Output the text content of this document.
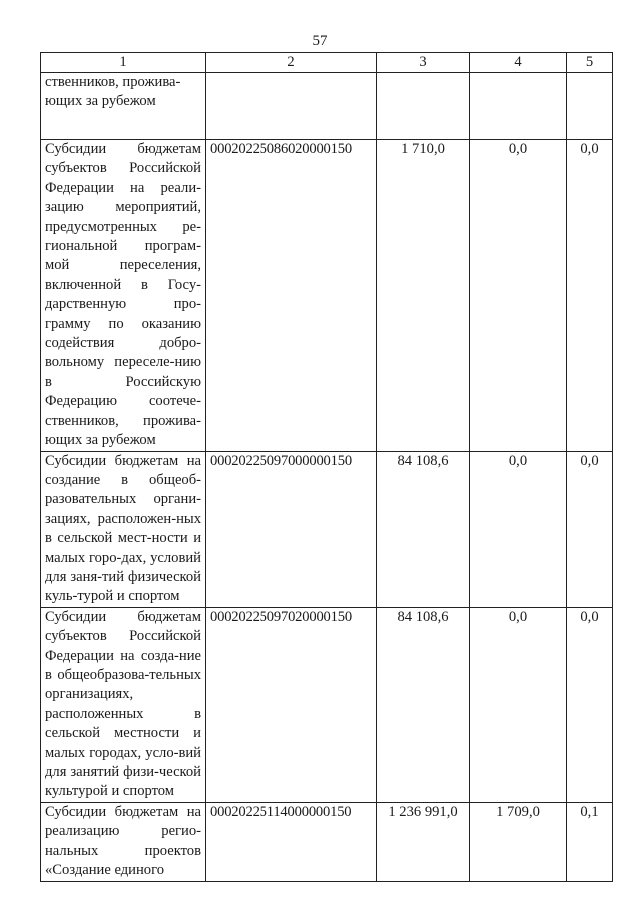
57
1	2	3	4	5
ственников, прожива-
ющих за рубежом				
Субсидии бюджетам субъектов Российской Федерации на реали-зацию мероприятий, предусмотренных ре-гиональной програм-мой переселения, включенной в Госу-дарственную про-грамму по оказанию содействия добро-вольному переселе-нию в Российскую Федерацию соотече-ственников, прожива-ющих за рубежом	00020225086020000150	1 710,0	0,0	0,0
Субсидии бюджетам на создание в общеоб-разовательных органи-зациях, расположен-ных в сельской мест-ности и малых горо-дах, условий для заня-тий физической куль-турой и спортом	00020225097000000150	84 108,6	0,0	0,0
Субсидии бюджетам субъектов Российской Федерации на созда-ние в общеобразова-тельных организациях, расположенных в сельской местности и малых городах, усло-вий для занятий физи-ческой культурой и спортом	00020225097020000150	84 108,6	0,0	0,0
Субсидии бюджетам на реализацию регио-нальных проектов «Создание единого	00020225114000000150	1 236 991,0	1 709,0	0,1
